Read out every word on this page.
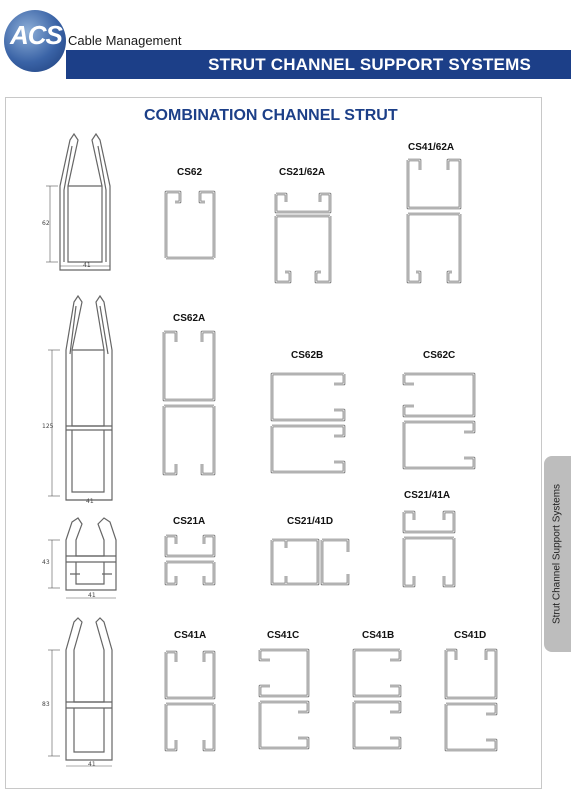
ACS Cable Management
STRUT CHANNEL SUPPORT SYSTEMS
COMBINATION CHANNEL STRUT
Strut Channel Support Systems
CS62	CS21/62A
CS41/62A
CS62A
CS62B	CS62C
CS21A	CS21/41D
CS21/41A
CS41A	CS41C	CS41B	CS41D
62
41
125
41
43
41
83
41
